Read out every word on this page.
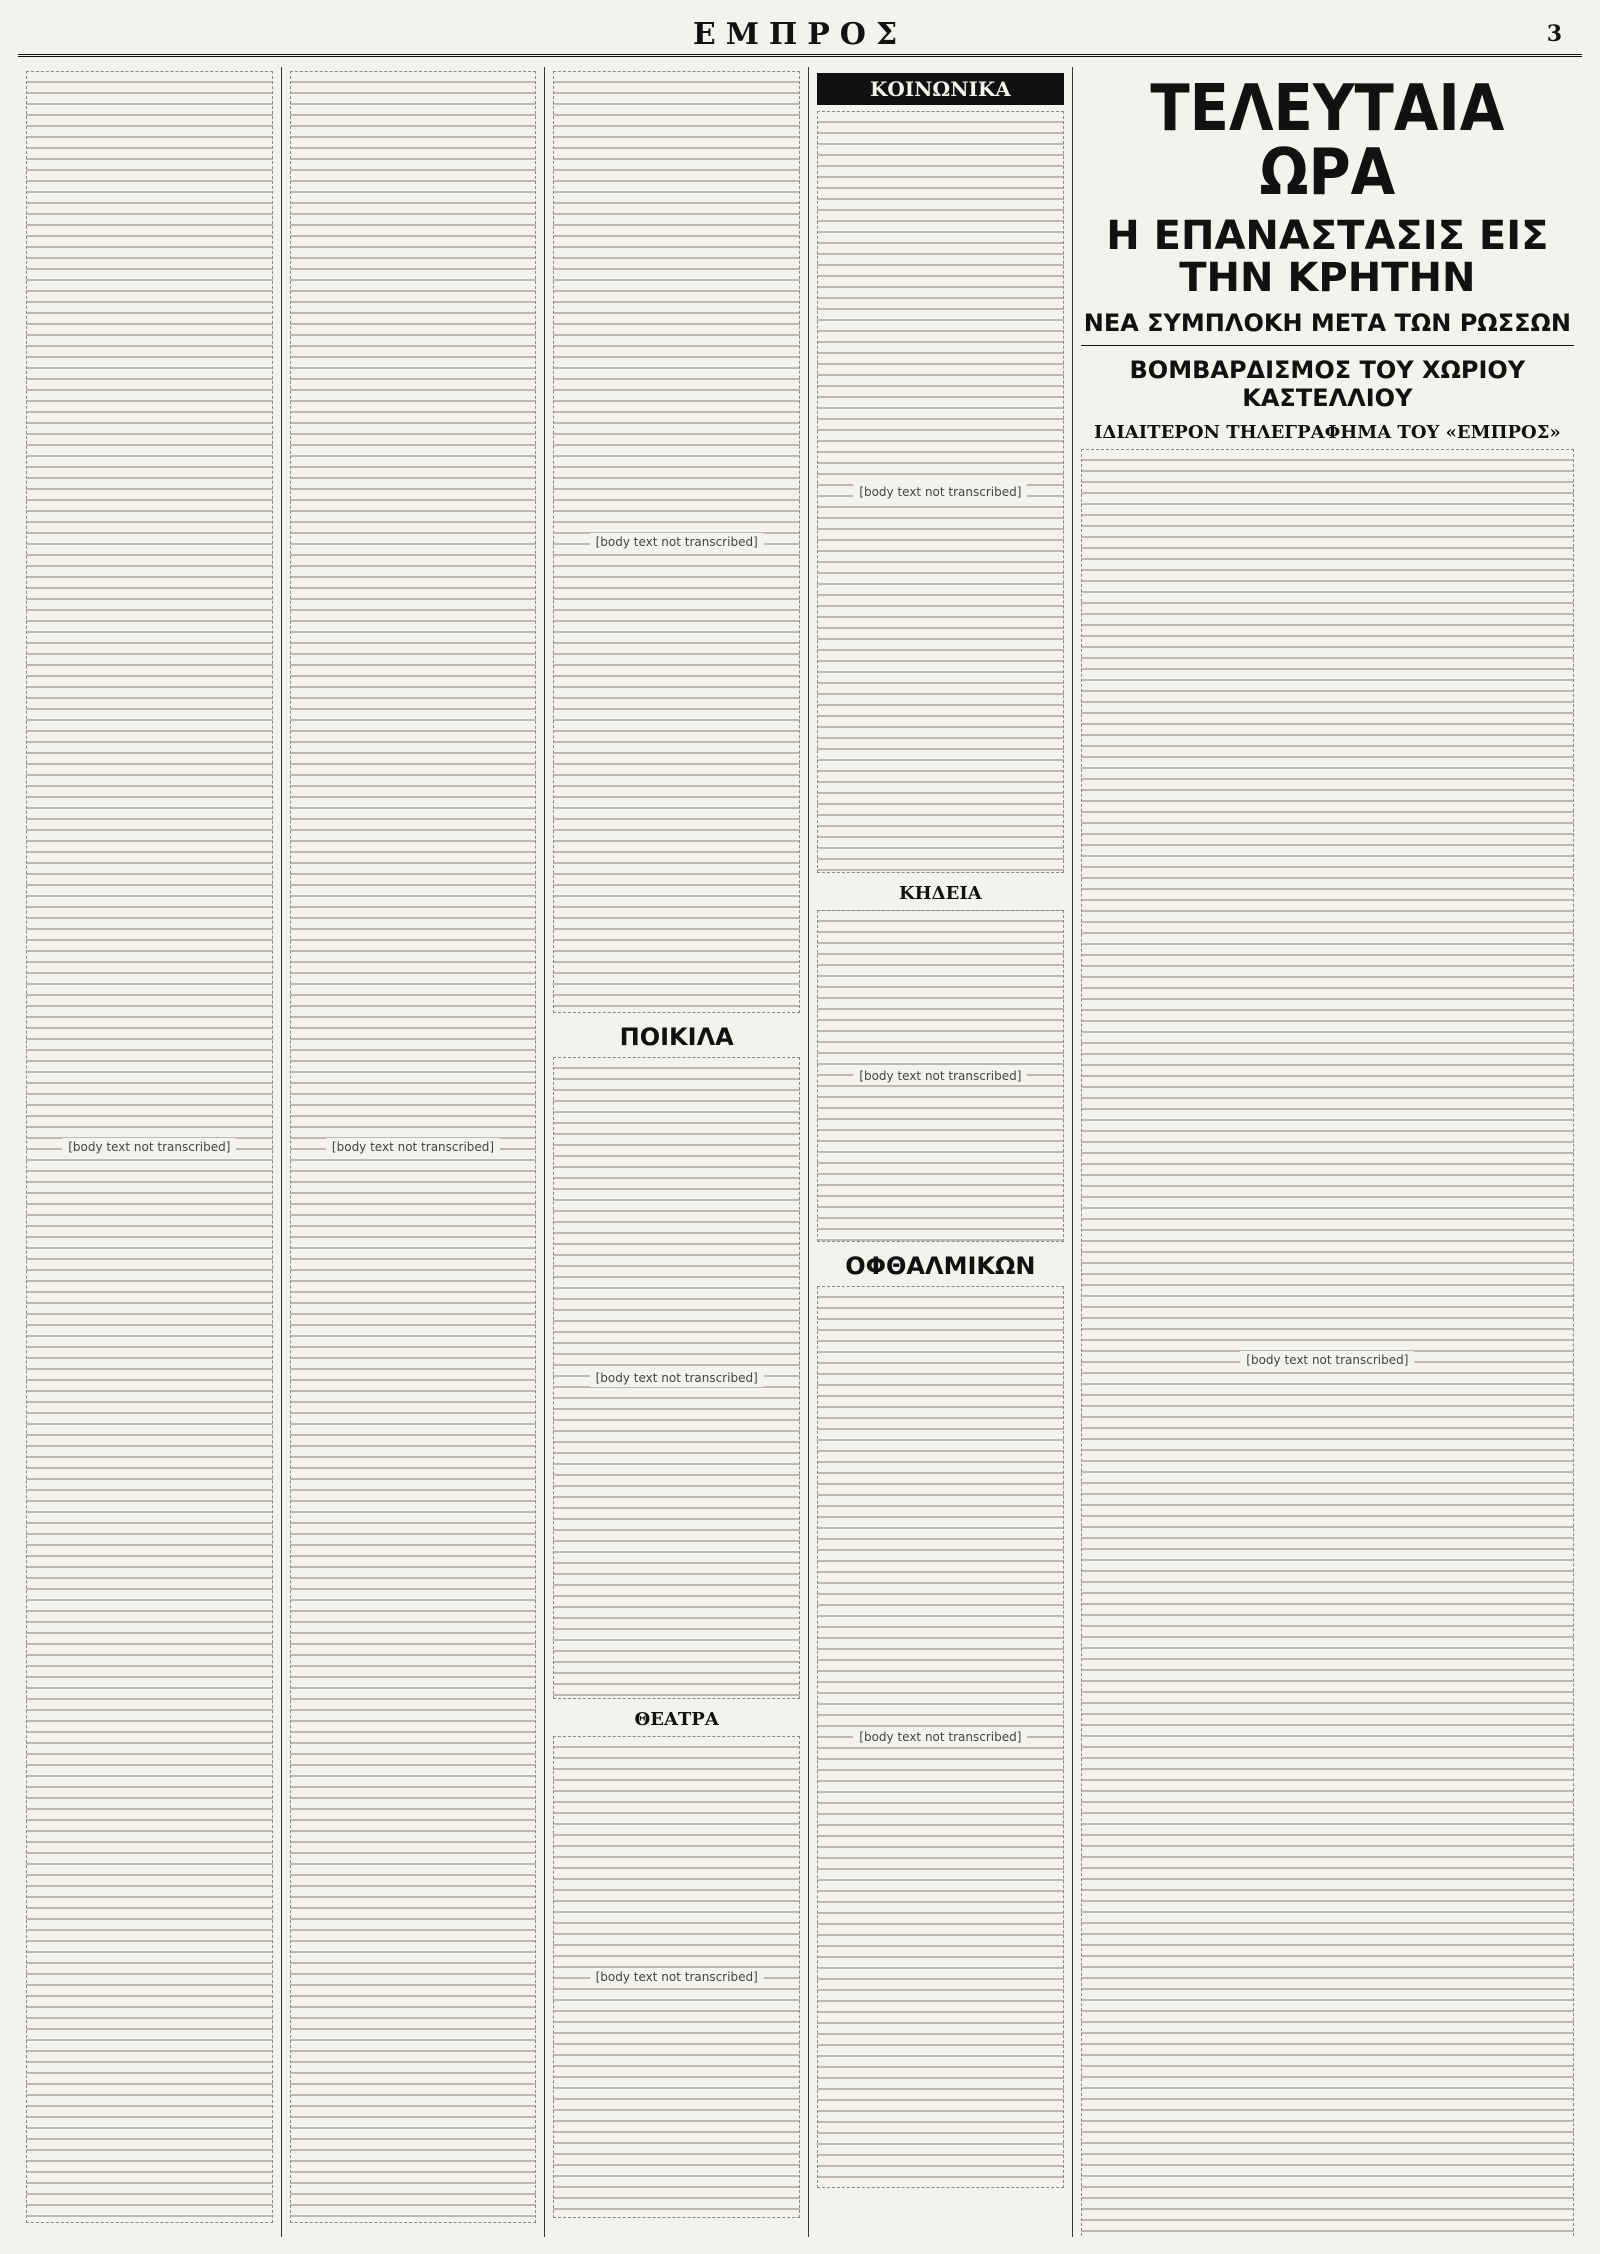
ΕΜΠΡΟΣ	3
[body text not transcribed]	[body text not transcribed]
[body text not transcribed]
ΠΟΙΚΙΛΑ
[body text not transcribed]
ΘΕΑΤΡΑ
[body text not transcribed]
ΚΟΙΝΩΝΙΚΑ
[body text not transcribed]
ΚΗΔΕΙΑ
[body text not transcribed]
ΟΦΘΑΛΜΙΚΩΝ
[body text not transcribed]
ΤΕΛΕΥΤΑΙΑ ΩΡΑ
Η ΕΠΑΝΑΣΤΑΣΙΣ ΕΙΣ ΤΗΝ ΚΡΗΤΗΝ
ΝΕΑ ΣΥΜΠΛΟΚΗ ΜΕΤΑ ΤΩΝ ΡΩΣΣΩΝ
ΒΟΜΒΑΡΔΙΣΜΟΣ ΤΟΥ ΧΩΡΙΟΥ ΚΑΣΤΕΛΛΙΟΥ
ΙΔΙΑΙΤΕΡΟΝ ΤΗΛΕΓΡΑΦΗΜΑ ΤΟΥ «ΕΜΠΡΟΣ»
[body text not transcribed]
